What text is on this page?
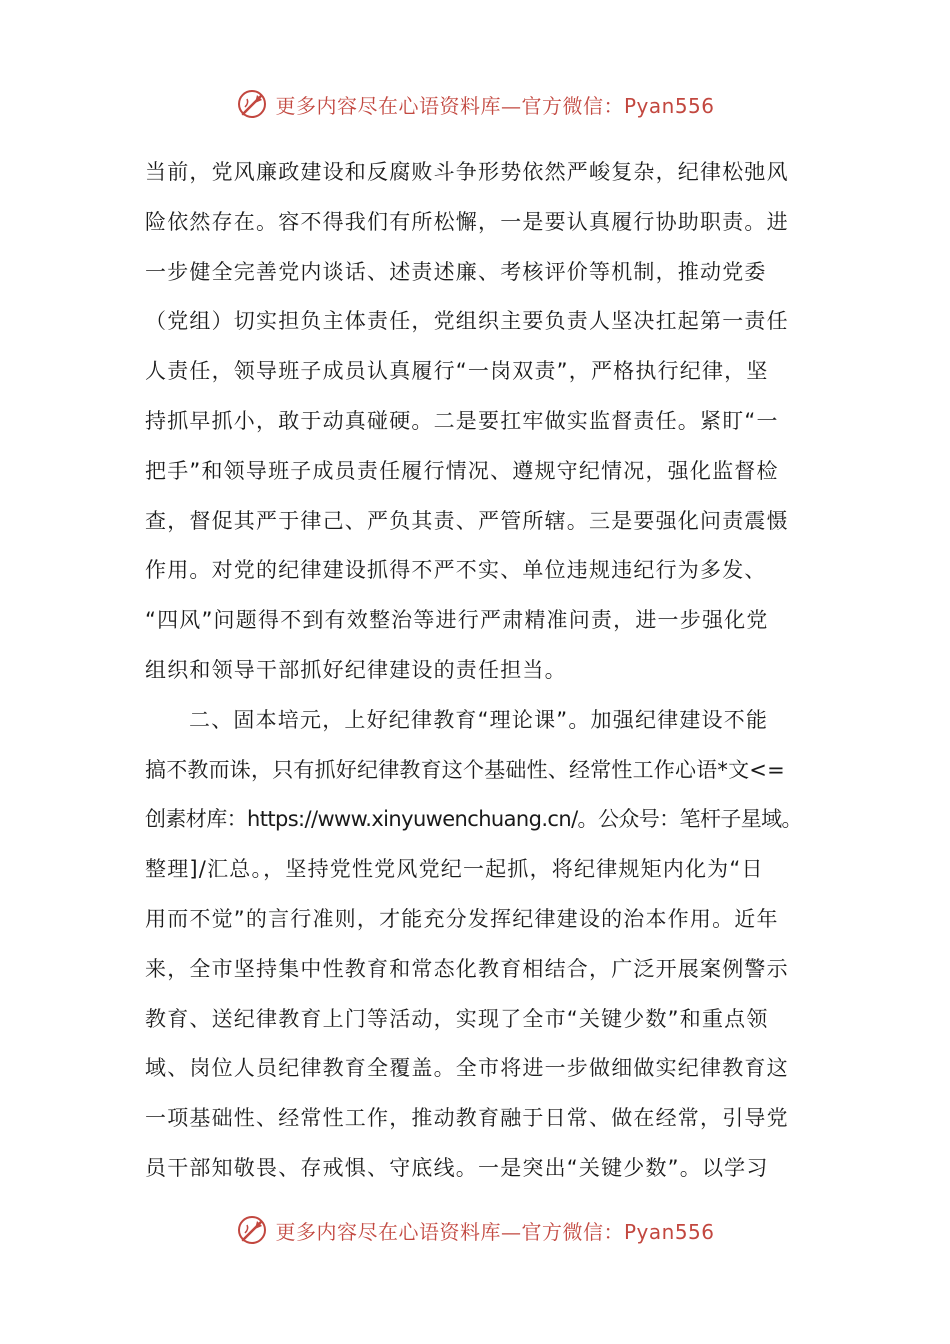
更多内容尽在心语资料库—官方微信：Pyan556
当前，党风廉政建设和反腐败斗争形势依然严峻复杂，纪律松弛风
险依然存在。容不得我们有所松懈，一是要认真履行协助职责。进
一步健全完善党内谈话、述责述廉、考核评价等机制，推动党委
（党组）切实担负主体责任，党组织主要负责人坚决扛起第一责任
人责任，领导班子成员认真履行“一岗双责”，严格执行纪律，坚
持抓早抓小，敢于动真碰硬。二是要扛牢做实监督责任。紧盯“一
把手”和领导班子成员责任履行情况、遵规守纪情况，强化监督检
查，督促其严于律己、严负其责、严管所辖。三是要强化问责震慑
作用。对党的纪律建设抓得不严不实、单位违规违纪行为多发、
“四风”问题得不到有效整治等进行严肃精准问责，进一步强化党
组织和领导干部抓好纪律建设的责任担当。
二、固本培元，上好纪律教育“理论课”。加强纪律建设不能
搞不教而诛，只有抓好纪律教育这个基础性、经常性工作心语*文<=
创素材库：https://www.xinyuwenchuang.cn/。公众号：笔杆子星域。
整理]/汇总。，坚持党性党风党纪一起抓，将纪律规矩内化为“日
用而不觉”的言行准则，才能充分发挥纪律建设的治本作用。近年
来，全市坚持集中性教育和常态化教育相结合，广泛开展案例警示
教育、送纪律教育上门等活动，实现了全市“关键少数”和重点领
域、岗位人员纪律教育全覆盖。全市将进一步做细做实纪律教育这
一项基础性、经常性工作，推动教育融于日常、做在经常，引导党
员干部知敬畏、存戒惧、守底线。一是突出“关键少数”。以学习
更多内容尽在心语资料库—官方微信：Pyan556
